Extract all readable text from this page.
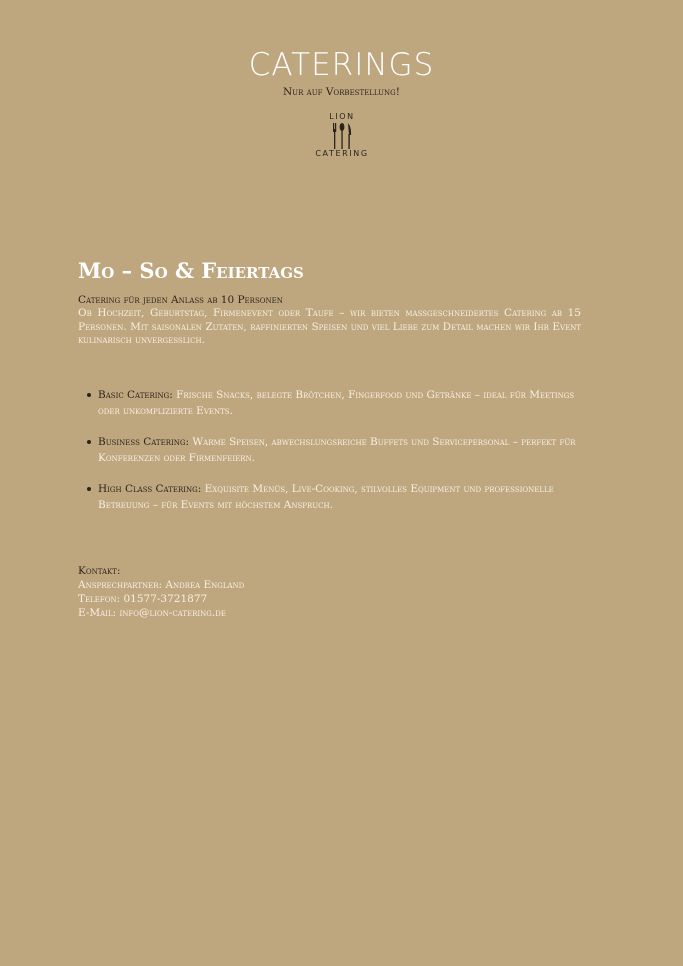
CATERINGS
Nur auf Vorbestellung!
LION
CATERING
Mo – So & Feiertags
Catering für jeden Anlass ab 10 Personen
Ob Hochzeit, Geburtstag, Firmenevent oder Taufe – wir bieten maßgeschneidertes Catering ab 15 Personen. Mit saisonalen Zutaten, raffinierten Speisen und viel Liebe zum Detail machen wir Ihr Event kulinarisch unvergesslich.
Basic Catering: Frische Snacks, belegte Brötchen, Fingerfood und Getränke – ideal für Meetings oder unkomplizierte Events.
Business Catering: Warme Speisen, abwechslungsreiche Buffets und Servicepersonal – perfekt für Konferenzen oder Firmenfeiern.
High Class Catering: Exquisite Menüs, Live-Cooking, stilvolles Equipment und professionelle Betreuung – für Events mit höchstem Anspruch.
Kontakt:
Ansprechpartner: Andrea England
Telefon: 01577-3721877
E-Mail: info@lion-catering.de
